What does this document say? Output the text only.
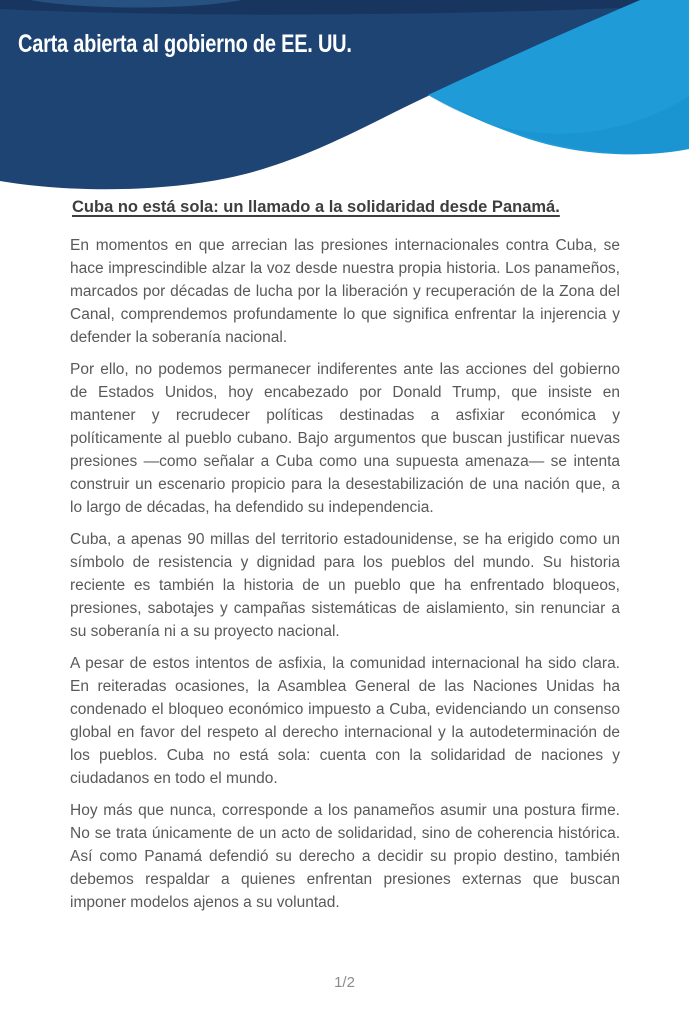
Carta abierta al gobierno de EE. UU.
Cuba no está sola: un llamado a la solidaridad desde Panamá.

En momentos en que arrecian las presiones internacionales contra Cuba, se hace imprescindible alzar la voz desde nuestra propia historia. Los panameños, marcados por décadas de lucha por la liberación y recuperación de la Zona del Canal, comprendemos profundamente lo que significa enfrentar la injerencia y defender la soberanía nacional.

Por ello, no podemos permanecer indiferentes ante las acciones del gobierno de Estados Unidos, hoy encabezado por Donald Trump, que insiste en mantener y recrudecer políticas destinadas a asfixiar económica y políticamente al pueblo cubano. Bajo argumentos que buscan justificar nuevas presiones —como señalar a Cuba como una supuesta amenaza— se intenta construir un escenario propicio para la desestabilización de una nación que, a lo largo de décadas, ha defendido su independencia.

Cuba, a apenas 90 millas del territorio estadounidense, se ha erigido como un símbolo de resistencia y dignidad para los pueblos del mundo. Su historia reciente es también la historia de un pueblo que ha enfrentado bloqueos, presiones, sabotajes y campañas sistemáticas de aislamiento, sin renunciar a su soberanía ni a su proyecto nacional.

A pesar de estos intentos de asfixia, la comunidad internacional ha sido clara. En reiteradas ocasiones, la Asamblea General de las Naciones Unidas ha condenado el bloqueo económico impuesto a Cuba, evidenciando un consenso global en favor del respeto al derecho internacional y la autodeterminación de los pueblos. Cuba no está sola: cuenta con la solidaridad de naciones y ciudadanos en todo el mundo.

Hoy más que nunca, corresponde a los panameños asumir una postura firme. No se trata únicamente de un acto de solidaridad, sino de coherencia histórica. Así como Panamá defendió su derecho a decidir su propio destino, también debemos respaldar a quienes enfrentan presiones externas que buscan imponer modelos ajenos a su voluntad.

1/2
